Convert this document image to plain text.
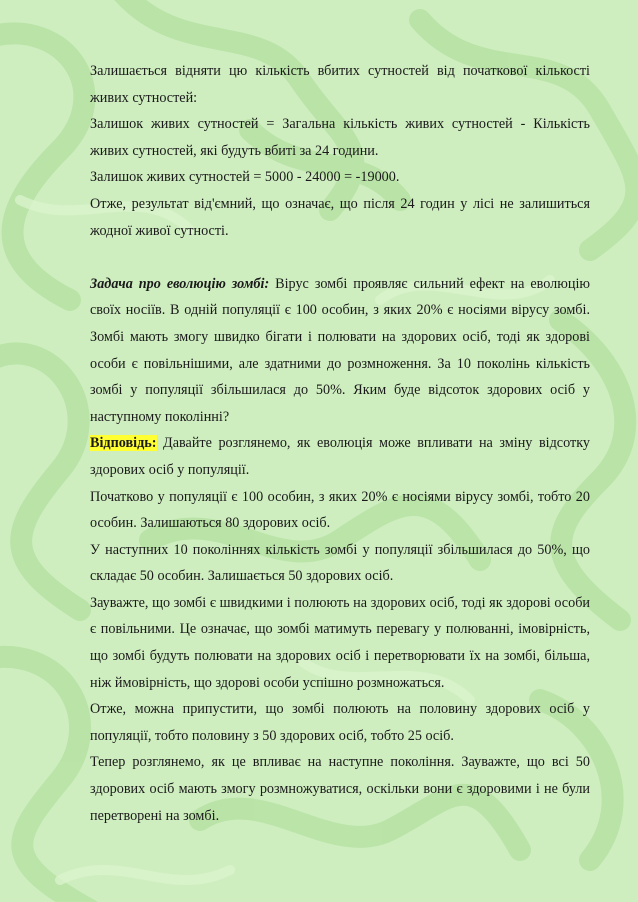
Залишається відняти цю кількість вбитих сутностей від початкової кількості живих сутностей:

Залишок живих сутностей = Загальна кількість живих сутностей - Кількість живих сутностей, які будуть вбиті за 24 години.

Залишок живих сутностей = 5000 - 24000 = -19000.

Отже, результат від'ємний, що означає, що після 24 годин у лісі не залишиться жодної живої сутності.

Задача про еволюцію зомбі: Вірус зомбі проявляє сильний ефект на еволюцію своїх носіїв. В одній популяції є 100 особин, з яких 20% є носіями вірусу зомбі. Зомбі мають змогу швидко бігати і полювати на здорових осіб, тоді як здорові особи є повільнішими, але здатними до розмноження. За 10 поколінь кількість зомбі у популяції збільшилася до 50%. Яким буде відсоток здорових осіб у наступному поколінні?

Відповідь: Давайте розглянемо, як еволюція може впливати на зміну відсотку здорових осіб у популяції.

Початково у популяції є 100 особин, з яких 20% є носіями вірусу зомбі, тобто 20 особин. Залишаються 80 здорових осіб.

У наступних 10 поколіннях кількість зомбі у популяції збільшилася до 50%, що складає 50 особин. Залишається 50 здорових осіб.

Зауважте, що зомбі є швидкими і полюють на здорових осіб, тоді як здорові особи є повільними. Це означає, що зомбі матимуть перевагу у полюванні, імовірність, що зомбі будуть полювати на здорових осіб і перетворювати їх на зомбі, більша, ніж ймовірність, що здорові особи успішно розмножаться.

Отже, можна припустити, що зомбі полюють на половину здорових осіб у популяції, тобто половину з 50 здорових осіб, тобто 25 осіб.

Тепер розглянемо, як це впливає на наступне покоління. Зауважте, що всі 50 здорових осіб мають змогу розмножуватися, оскільки вони є здоровими і не були перетворені на зомбі.
